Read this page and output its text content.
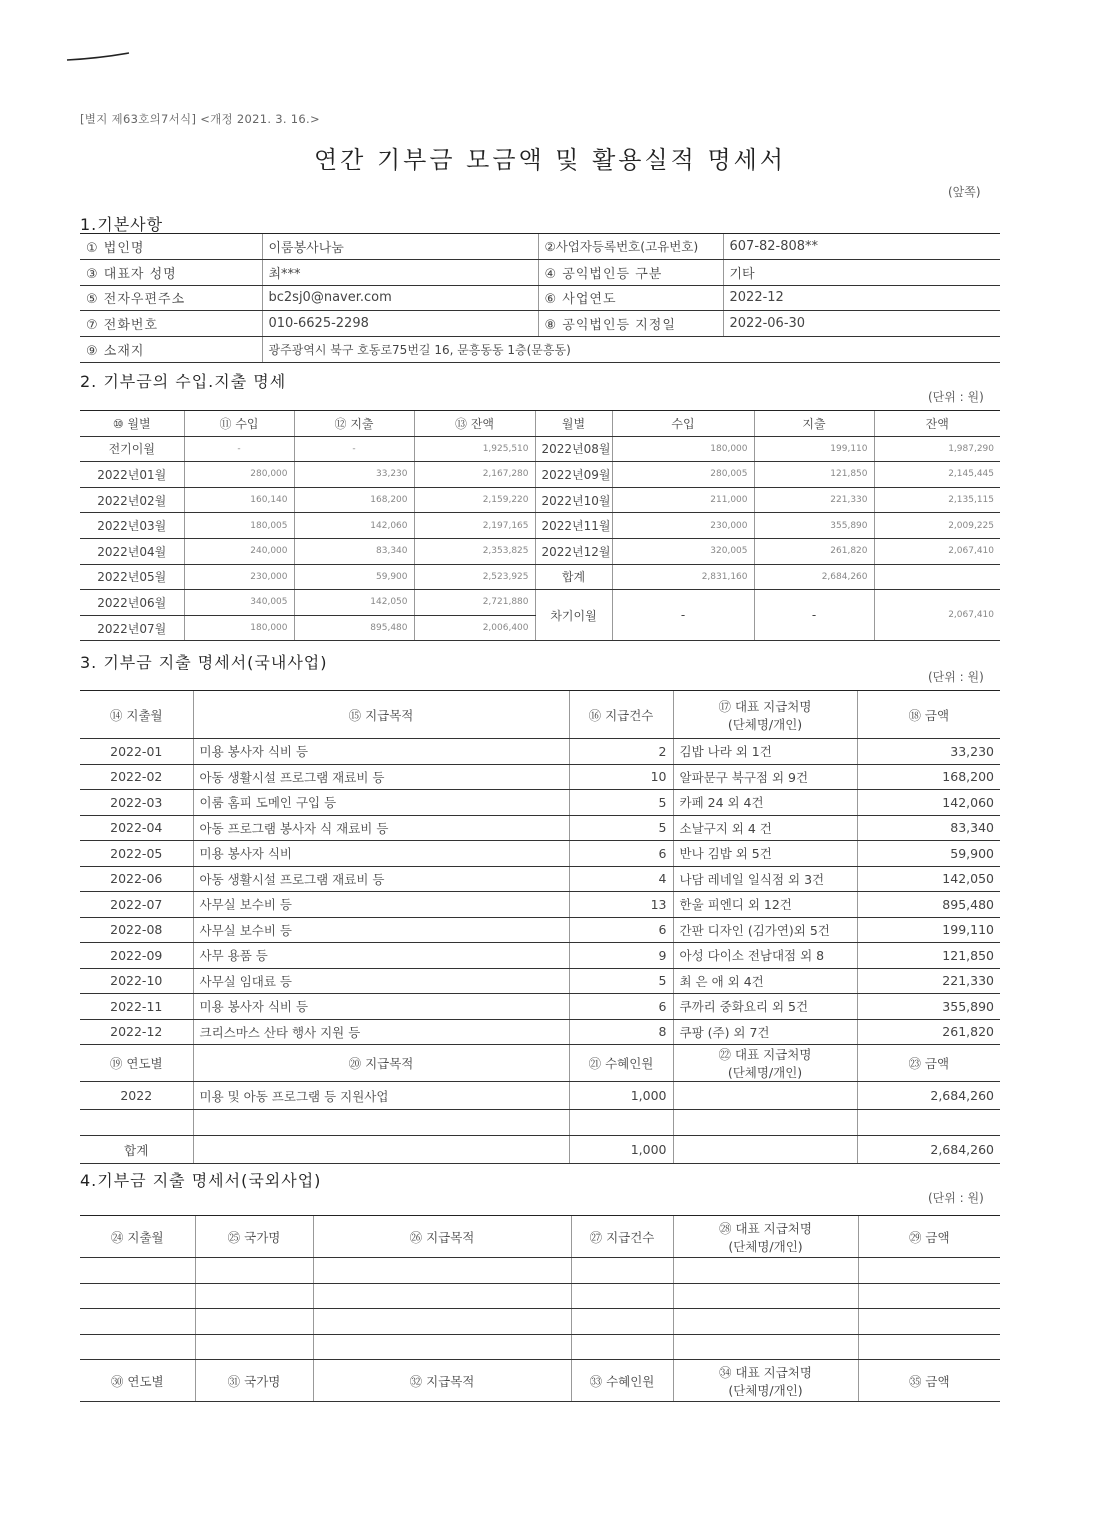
[별지 제63호의7서식] <개정 2021. 3. 16.>
연간 기부금 모금액 및 활용실적 명세서
(앞쪽)
1.기본사항
① 법인명	이룸봉사나눔	②사업자등록번호(고유번호)	607-82-808**
③ 대표자 성명	최***	④ 공익법인등 구분	기타
⑤ 전자우편주소	bc2sj0@naver.com	⑥ 사업연도	2022-12
⑦ 전화번호	010-6625-2298	⑧ 공익법인등 지정일	2022-06-30
⑨ 소재지	광주광역시 북구 호동로75번길 16, 문흥동동 1층(문흥동)		
2. 기부금의 수입.지출 명세
(단위 : 원)
⑩ 월별	⑪ 수입	⑫ 지출	⑬ 잔액	월별	수입	지출	잔액
전기이월	-	-	1,925,510	2022년08월	180,000	199,110	1,987,290
2022년01월	280,000	33,230	2,167,280	2022년09월	280,005	121,850	2,145,445
2022년02월	160,140	168,200	2,159,220	2022년10월	211,000	221,330	2,135,115
2022년03월	180,005	142,060	2,197,165	2022년11월	230,000	355,890	2,009,225
2022년04월	240,000	83,340	2,353,825	2022년12월	320,005	261,820	2,067,410
2022년05월	230,000	59,900	2,523,925	합계	2,831,160	2,684,260	
2022년06월	340,005	142,050	2,721,880	차기이월	-	-	2,067,410
2022년07월	180,000	895,480	2,006,400				
3. 기부금 지출 명세서(국내사업)
(단위 : 원)
⑭ 지출월	⑮ 지급목적	⑯ 지급건수	⑰ 대표 지급처명
(단체명/개인)	⑱ 금액
2022-01	미용 봉사자 식비 등	2	김밥 나라 외 1건	33,230
2022-02	아동 생활시설 프로그램 재료비 등	10	알파문구 북구점 외 9건	168,200
2022-03	이룸 홈피 도메인 구입 등	5	카페 24 외 4건	142,060
2022-04	아동 프로그램 봉사자 식 재료비 등	5	소날구지 외 4 건	83,340
2022-05	미용 봉사자 식비	6	반나 김밥 외 5건	59,900
2022-06	아동 생활시설 프로그램 재료비 등	4	나담 레네일 일식점 외 3건	142,050
2022-07	사무실 보수비 등	13	한울 피엔디 외 12건	895,480
2022-08	사무실 보수비 등	6	간판 디자인 (김가연)외 5건	199,110
2022-09	사무 용품 등	9	아성 다이소 전남대점 외 8	121,850
2022-10	사무실 임대료 등	5	최 은 애 외 4건	221,330
2022-11	미용 봉사자 식비 등	6	쿠까리 중화요리 외 5건	355,890
2022-12	크리스마스 산타 행사 지원 등	8	쿠팡 (주) 외 7건	261,820
⑲ 연도별	⑳ 지급목적	㉑ 수혜인원	㉒ 대표 지급처명
(단체명/개인)	㉓ 금액
2022	미용 및 아동 프로그램 등 지원사업	1,000		2,684,260

합계		1,000		2,684,260
4.기부금 지출 명세서(국외사업)
(단위 : 원)
㉔ 지출월	㉕ 국가명	㉖ 지급목적	㉗ 지급건수	㉘ 대표 지급처명
(단체명/개인)	㉙ 금액

㉚ 연도별	㉛ 국가명	㉜ 지급목적	㉝ 수혜인원	㉞ 대표 지급처명
(단체명/개인)	㉟ 금액
